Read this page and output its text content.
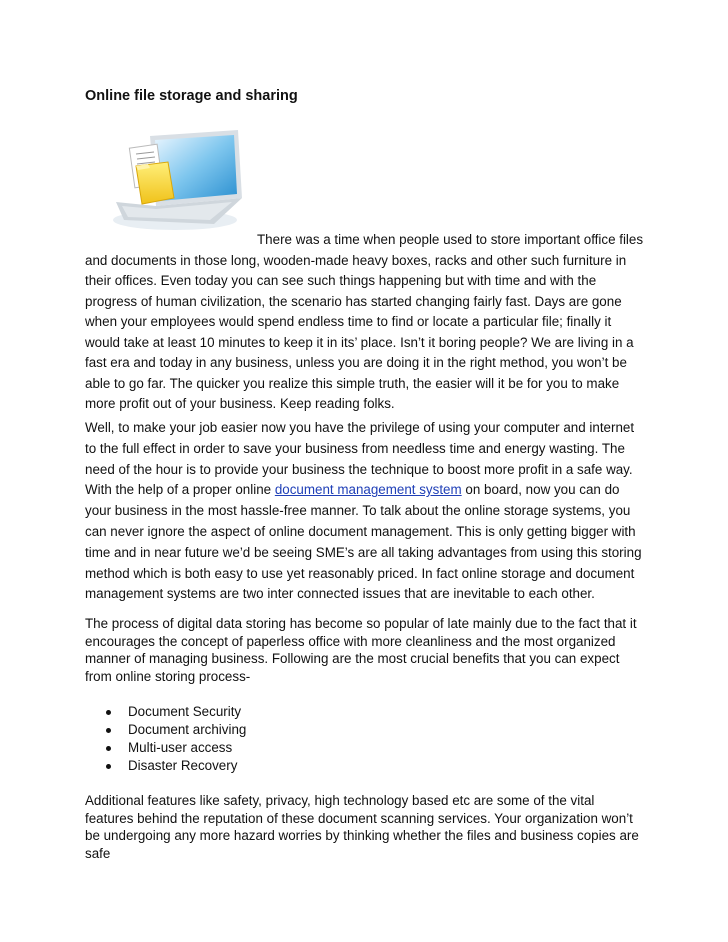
Online file storage and sharing

There was a time when people used to store important office files and documents in those long, wooden-made heavy boxes, racks and other such furniture in their offices. Even today you can see such things happening but with time and with the progress of human civilization, the scenario has started changing fairly fast. Days are gone when your employees would spend endless time to find or locate a particular file; finally it would take at least 10 minutes to keep it in its’ place. Isn’t it boring people? We are living in a fast era and today in any business, unless you are doing it in the right method, you won’t be able to go far. The quicker you realize this simple truth, the easier will it be for you to make more profit out of your business. Keep reading folks.

Well, to make your job easier now you have the privilege of using your computer and internet to the full effect in order to save your business from needless time and energy wasting. The need of the hour is to provide your business the technique to boost more profit in a safe way. With the help of a proper online document management system on board, now you can do your business in the most hassle-free manner. To talk about the online storage systems, you can never ignore the aspect of online document management. This is only getting bigger with time and in near future we’d be seeing SME’s are all taking advantages from using this storing method which is both easy to use yet reasonably priced. In fact online storage and document management systems are two inter connected issues that are inevitable to each other.

The process of digital data storing has become so popular of late mainly due to the fact that it encourages the concept of paperless office with more cleanliness and the most organized manner of managing business. Following are the most crucial benefits that you can expect from online storing process-

Document Security
Document archiving
Multi-user access
Disaster Recovery

Additional features like safety, privacy, high technology based etc are some of the vital features behind the reputation of these document scanning services. Your organization won’t be undergoing any more hazard worries by thinking whether the files and business copies are safe
